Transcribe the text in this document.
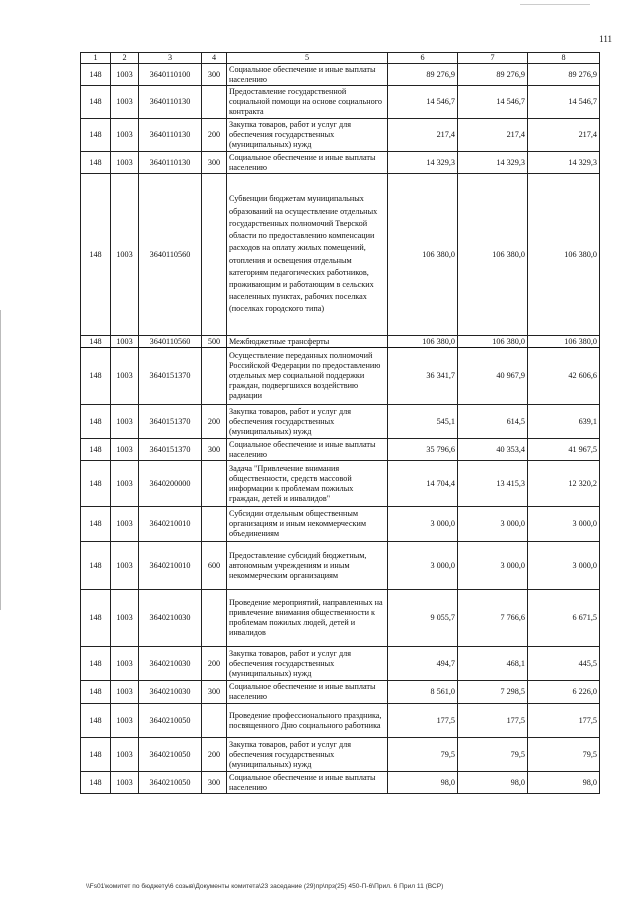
111
1	2	3	4	5	6	7	8
148	1003	3640110100	300	Социальное обеспечение и иные выплаты населению	89 276,9	89 276,9	89 276,9
148	1003	3640110130		Предоставление государственной социальной помощи на основе социального контракта	14 546,7	14 546,7	14 546,7
148	1003	3640110130	200	Закупка товаров, работ и услуг для обеспечения государственных (муниципальных) нужд	217,4	217,4	217,4
148	1003	3640110130	300	Социальное обеспечение и иные выплаты населению	14 329,3	14 329,3	14 329,3
148	1003	3640110560		Субвенции бюджетам муниципальных образований на осуществление отдельных государственных полномочий Тверской области по предоставлению компенсации расходов на оплату жилых помещений, отопления и освещения отдельным категориям педагогических работников, проживающим и работающим в сельских населенных пунктах, рабочих поселках (поселках городского типа)	106 380,0	106 380,0	106 380,0
148	1003	3640110560	500	Межбюджетные трансферты	106 380,0	106 380,0	106 380,0
148	1003	3640151370		Осуществление переданных полномочий Российской Федерации по предоставлению отдельных мер социальной поддержки граждан, подвергшихся воздействию радиации	36 341,7	40 967,9	42 606,6
148	1003	3640151370	200	Закупка товаров, работ и услуг для обеспечения государственных (муниципальных) нужд	545,1	614,5	639,1
148	1003	3640151370	300	Социальное обеспечение и иные выплаты населению	35 796,6	40 353,4	41 967,5
148	1003	3640200000		Задача "Привлечение внимания общественности, средств массовой информации к проблемам пожилых граждан, детей и инвалидов"	14 704,4	13 415,3	12 320,2
148	1003	3640210010		Субсидии отдельным общественным организациям и иным некоммерческим объединениям	3 000,0	3 000,0	3 000,0
148	1003	3640210010	600	Предоставление субсидий бюджетным, автономным учреждениям и иным некоммерческим организациям	3 000,0	3 000,0	3 000,0
148	1003	3640210030		Проведение мероприятий, направленных на привлечение внимания общественности к проблемам пожилых людей, детей и инвалидов	9 055,7	7 766,6	6 671,5
148	1003	3640210030	200	Закупка товаров, работ и услуг для обеспечения государственных (муниципальных) нужд	494,7	468,1	445,5
148	1003	3640210030	300	Социальное обеспечение и иные выплаты населению	8 561,0	7 298,5	6 226,0
148	1003	3640210050		Проведение профессионального праздника, посвященного Дню социального работника	177,5	177,5	177,5
148	1003	3640210050	200	Закупка товаров, работ и услуг для обеспечения государственных (муниципальных) нужд	79,5	79,5	79,5
148	1003	3640210050	300	Социальное обеспечение и иные выплаты населению	98,0	98,0	98,0
\\Fs01\комитет по бюджету\6 созыв\Документы комитета\23 заседание (29)пр\прз(25) 450-П-6\Прил. 6 Прил 11 (ВСР)
